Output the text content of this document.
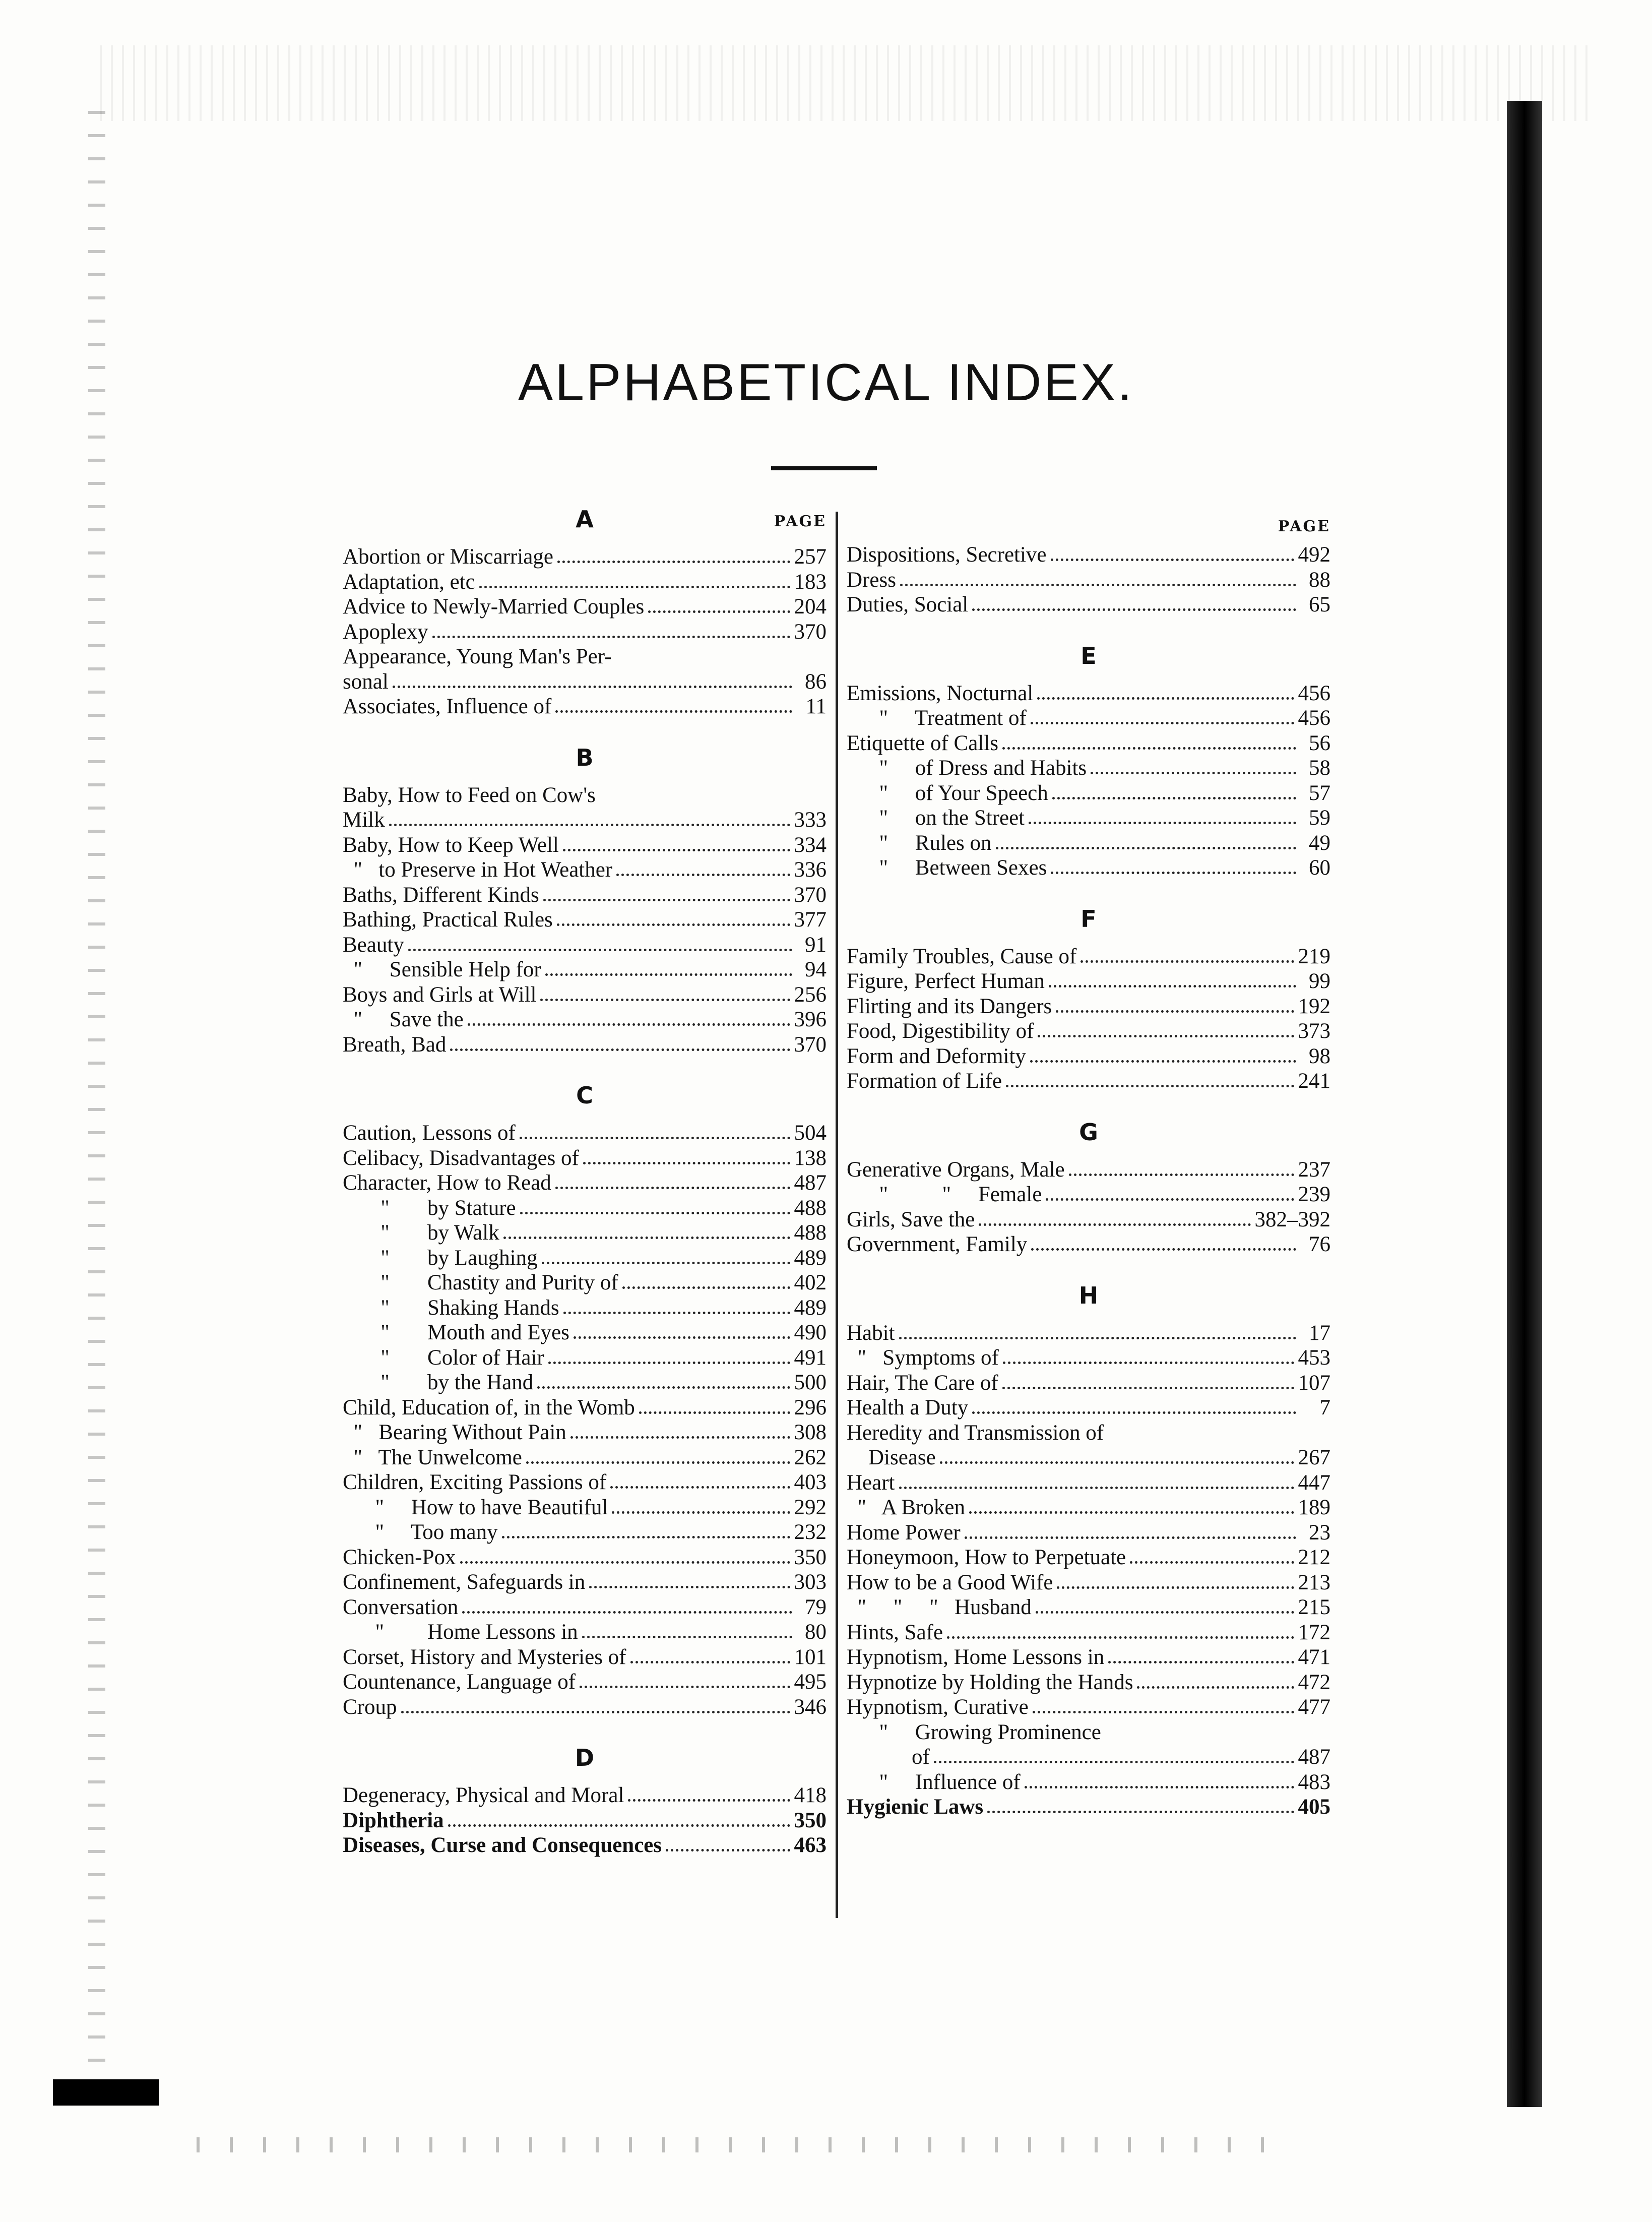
ALPHABETICAL INDEX.
A	PAGE
Abortion or Miscarriage	257
Adaptation, etc	183
Advice to Newly-Married Couples	204
Apoplexy	370
Appearance, Young Man's Per-
sonal	86
Associates, Influence of	11
B
Baby, How to Feed on Cow's
Milk	333
Baby, How to Keep Well	334
"   to Preserve in Hot Weather	336
Baths, Different Kinds	370
Bathing, Practical Rules	377
Beauty	91
"     Sensible Help for	94
Boys and Girls at Will	256
"     Save the	396
Breath, Bad	370
C
Caution, Lessons of	504
Celibacy, Disadvantages of	138
Character, How to Read	487
"       by Stature	488
"       by Walk	488
"       by Laughing	489
"       Chastity and Purity of	402
"       Shaking Hands	489
"       Mouth and Eyes	490
"       Color of Hair	491
"       by the Hand	500
Child, Education of, in the Womb	296
"   Bearing Without Pain	308
"   The Unwelcome	262
Children, Exciting Passions of	403
"     How to have Beautiful	292
"     Too many	232
Chicken-Pox	350
Confinement, Safeguards in	303
Conversation	79
"        Home Lessons in	80
Corset, History and Mysteries of	101
Countenance, Language of	495
Croup	346
D
Degeneracy, Physical and Moral	418
Diphtheria	350
Diseases, Curse and Consequences	463
PAGE
Dispositions, Secretive	492
Dress	88
Duties, Social	65
E
Emissions, Nocturnal	456
"     Treatment of	456
Etiquette of Calls	56
"     of Dress and Habits	58
"     of Your Speech	57
"     on the Street	59
"     Rules on	49
"     Between Sexes	60
F
Family Troubles, Cause of	219
Figure, Perfect Human	99
Flirting and its Dangers	192
Food, Digestibility of	373
Form and Deformity	98
Formation of Life	241
G
Generative Organs, Male	237
"          "     Female	239
Girls, Save the	382–392
Government, Family	76
H
Habit	17
"   Symptoms of	453
Hair, The Care of	107
Health a Duty	7
Heredity and Transmission of
Disease	267
Heart	447
"   A Broken	189
Home Power	23
Honeymoon, How to Perpetuate	212
How to be a Good Wife	213
"     "     "   Husband	215
Hints, Safe	172
Hypnotism, Home Lessons in	471
Hypnotize by Holding the Hands	472
Hypnotism, Curative	477
"     Growing Prominence
of	487
"     Influence of	483
Hygienic Laws	405
